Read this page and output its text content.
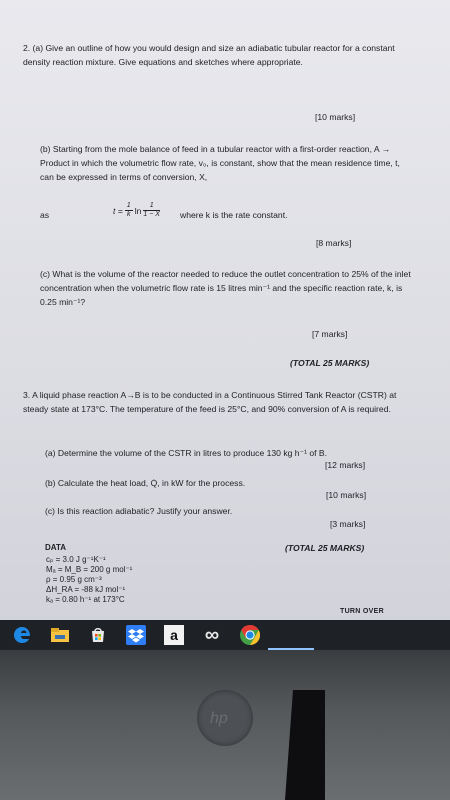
2. (a) Give an outline of how you would design and size an adiabatic tubular reactor for a constant density reaction mixture. Give equations and sketches where appropriate.

[10 marks]

(b) Starting from the mole balance of feed in a tubular reactor with a first-order reaction, A → Product in which the volumetric flow rate, v₀, is constant, show that the mean residence time, t, can be expressed in terms of conversion, X,

as	$t = \frac{1}{k}$ $\ln \frac{1}{1 - X}$ where k is the rate constant.

[8 marks]

(c) What is the volume of the reactor needed to reduce the outlet concentration to 25% of the inlet concentration when the volumetric flow rate is 15 litres min⁻¹ and the specific reaction rate, k, is 0.25 min⁻¹?

[7 marks]

(TOTAL 25 MARKS)

3. A liquid phase reaction A→B is to be conducted in a Continuous Stirred Tank Reactor (CSTR) at steady state at 173°C. The temperature of the feed is 25°C, and 90% conversion of A is required.

(a) Determine the volume of the CSTR in litres to produce 130 kg h⁻¹ of B.

[12 marks]

(b) Calculate the heat load, Q̇, in kW for the process.

[10 marks]

(c) Is this reaction adiabatic? Justify your answer.

[3 marks]

DATA

cₚ = 3.0 J g⁻¹K⁻¹

Mₐ = M_B = 200 g mol⁻¹

ρ = 0.95 g cm⁻³

ΔH_RA = -88 kJ mol⁻¹

kₐ = 0.80 h⁻¹ at 173°C

(TOTAL 25 MARKS)

TURN OVER

a ∞
hp
